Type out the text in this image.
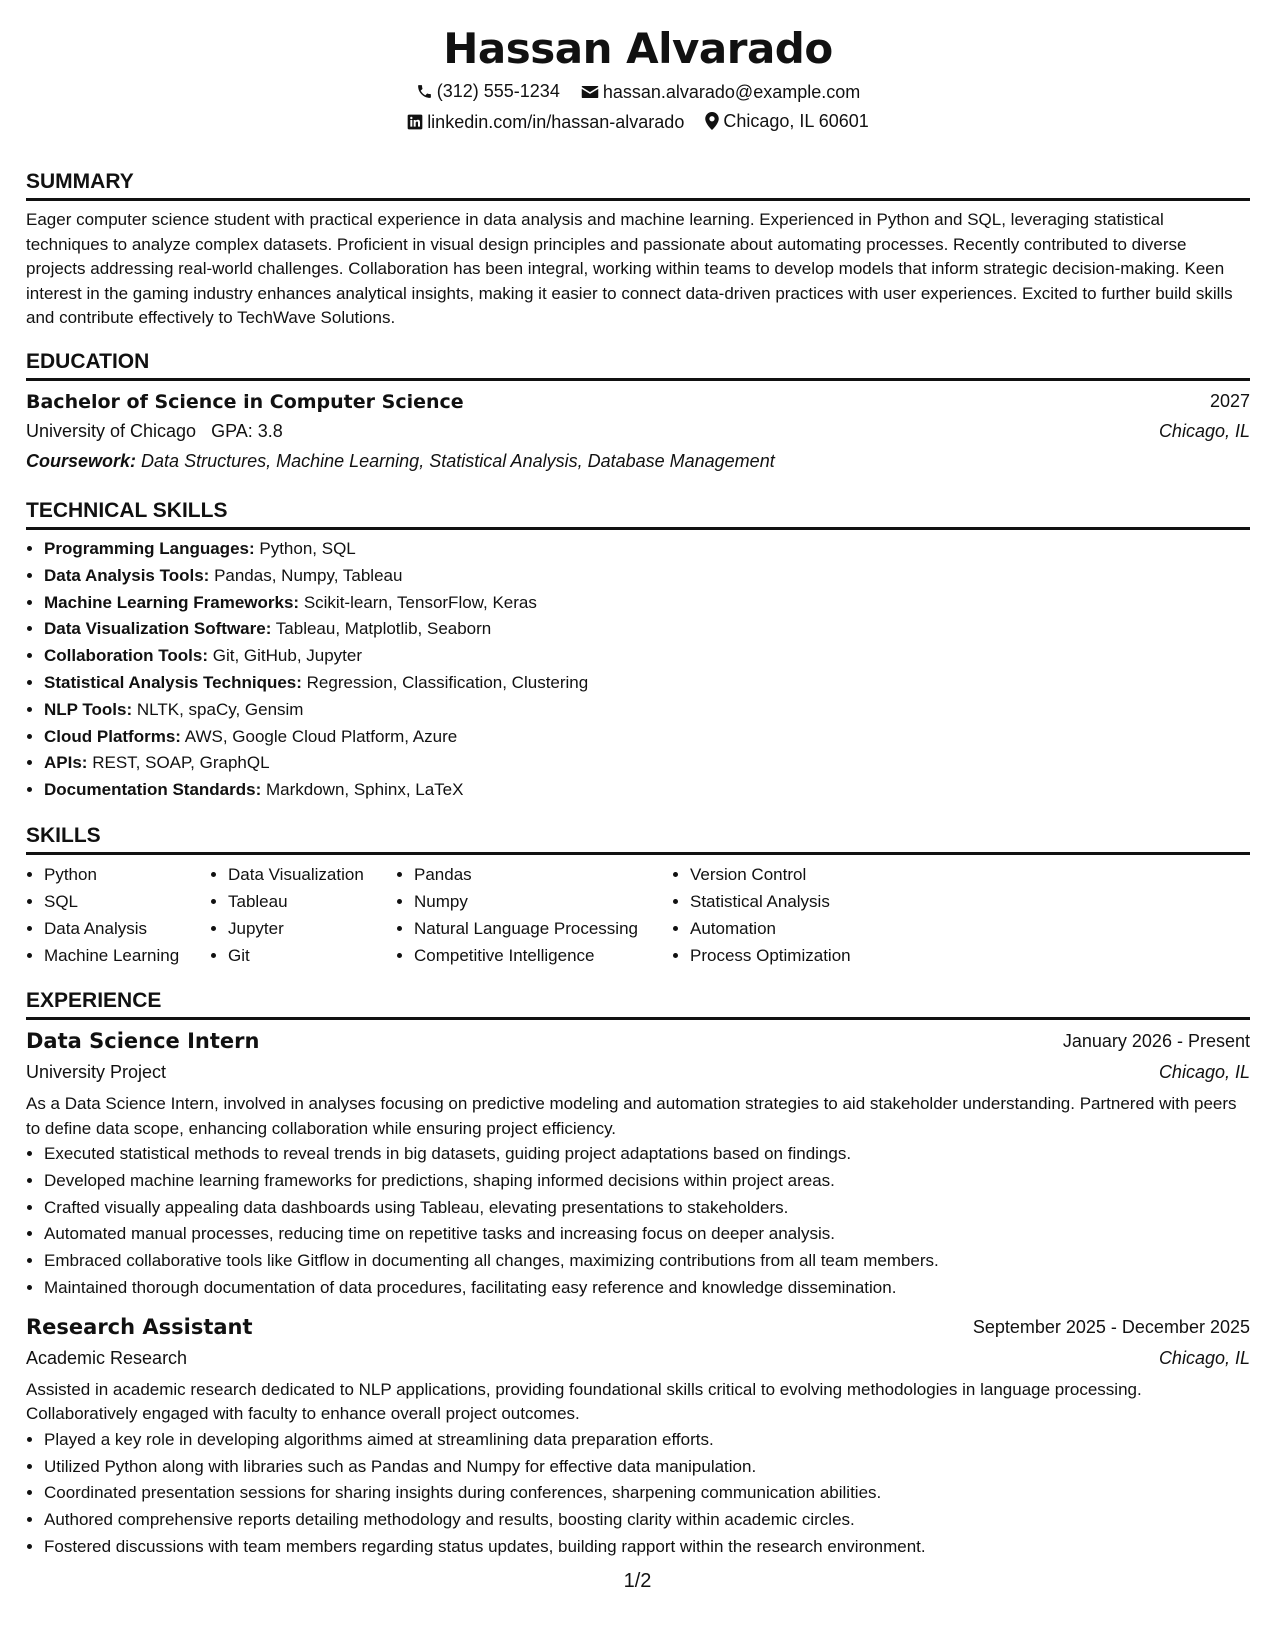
Hassan Alvarado
(312) 555-1234
hassan.alvarado@example.com
linkedin.com/in/hassan-alvarado
Chicago, IL 60601
SUMMARY
Eager computer science student with practical experience in data analysis and machine learning. Experienced in Python and SQL, leveraging statistical techniques to analyze complex datasets. Proficient in visual design principles and passionate about automating processes. Recently contributed to diverse projects addressing real-world challenges. Collaboration has been integral, working within teams to develop models that inform strategic decision-making. Keen interest in the gaming industry enhances analytical insights, making it easier to connect data-driven practices with user experiences. Excited to further build skills and contribute effectively to TechWave Solutions.
EDUCATION
Bachelor of Science in Computer Science	2027
University of Chicago GPA: 3.8	Chicago, IL
Coursework: Data Structures, Machine Learning, Statistical Analysis, Database Management
TECHNICAL SKILLS
• Programming Languages: Python, SQL
• Data Analysis Tools: Pandas, Numpy, Tableau
• Machine Learning Frameworks: Scikit-learn, TensorFlow, Keras
• Data Visualization Software: Tableau, Matplotlib, Seaborn
• Collaboration Tools: Git, GitHub, Jupyter
• Statistical Analysis Techniques: Regression, Classification, Clustering
• NLP Tools: NLTK, spaCy, Gensim
• Cloud Platforms: AWS, Google Cloud Platform, Azure
• APIs: REST, SOAP, GraphQL
• Documentation Standards: Markdown, Sphinx, LaTeX
SKILLS
• Python
• SQL
• Data Analysis
• Machine Learning
• Data Visualization
• Tableau
• Jupyter
• Git
• Pandas
• Numpy
• Natural Language Processing
• Competitive Intelligence
• Version Control
• Statistical Analysis
• Automation
• Process Optimization
EXPERIENCE
Data Science Intern	January 2026 - Present
University Project	Chicago, IL
As a Data Science Intern, involved in analyses focusing on predictive modeling and automation strategies to aid stakeholder understanding. Partnered with peers to define data scope, enhancing collaboration while ensuring project efficiency.
• Executed statistical methods to reveal trends in big datasets, guiding project adaptations based on findings.
• Developed machine learning frameworks for predictions, shaping informed decisions within project areas.
• Crafted visually appealing data dashboards using Tableau, elevating presentations to stakeholders.
• Automated manual processes, reducing time on repetitive tasks and increasing focus on deeper analysis.
• Embraced collaborative tools like Gitflow in documenting all changes, maximizing contributions from all team members.
• Maintained thorough documentation of data procedures, facilitating easy reference and knowledge dissemination.
Research Assistant	September 2025 - December 2025
Academic Research	Chicago, IL
Assisted in academic research dedicated to NLP applications, providing foundational skills critical to evolving methodologies in language processing. Collaboratively engaged with faculty to enhance overall project outcomes.
• Played a key role in developing algorithms aimed at streamlining data preparation efforts.
• Utilized Python along with libraries such as Pandas and Numpy for effective data manipulation.
• Coordinated presentation sessions for sharing insights during conferences, sharpening communication abilities.
• Authored comprehensive reports detailing methodology and results, boosting clarity within academic circles.
• Fostered discussions with team members regarding status updates, building rapport within the research environment.
1/2
